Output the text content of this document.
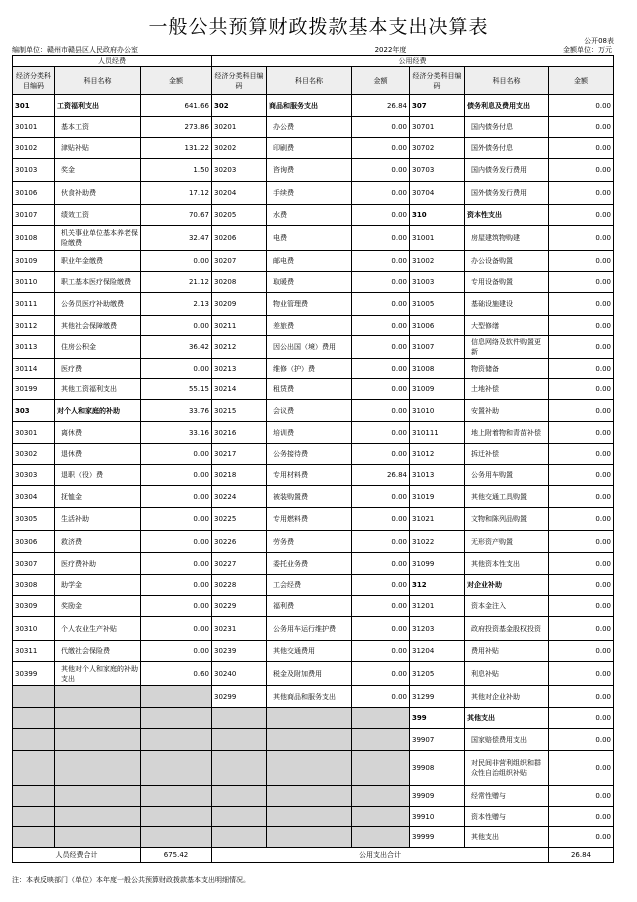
一般公共预算财政拨款基本支出决算表
公开08表
编制单位：赣州市赣县区人民政府办公室	2022年度	金额单位：万元
人员经费			公用经费					
经济分类科目编码	科目名称	金额	经济分类科目编码	科目名称	金额	经济分类科目编码	科目名称	金额
301	工资福利支出	641.66	302	商品和服务支出	26.84	307	债务利息及费用支出	0.00
30101	基本工资	273.86	30201	办公费	0.00	30701	国内债务付息	0.00
30102	津贴补贴	131.22	30202	印刷费	0.00	30702	国外债务付息	0.00
30103	奖金	1.50	30203	咨询费	0.00	30703	国内债务发行费用	0.00
30106	伙食补助费	17.12	30204	手续费	0.00	30704	国外债务发行费用	0.00
30107	绩效工资	70.67	30205	水费	0.00	310	资本性支出	0.00
30108	机关事业单位基本养老保险缴费	32.47	30206	电费	0.00	31001	房屋建筑物购建	0.00
30109	职业年金缴费	0.00	30207	邮电费	0.00	31002	办公设备购置	0.00
30110	职工基本医疗保险缴费	21.12	30208	取暖费	0.00	31003	专用设备购置	0.00
30111	公务员医疗补助缴费	2.13	30209	物业管理费	0.00	31005	基础设施建设	0.00
30112	其他社会保障缴费	0.00	30211	差旅费	0.00	31006	大型修缮	0.00
30113	住房公积金	36.42	30212	因公出国（境）费用	0.00	31007	信息网络及软件购置更新	0.00
30114	医疗费	0.00	30213	维修（护）费	0.00	31008	物资储备	0.00
30199	其他工资福利支出	55.15	30214	租赁费	0.00	31009	土地补偿	0.00
303	对个人和家庭的补助	33.76	30215	会议费	0.00	31010	安置补助	0.00
30301	离休费	33.16	30216	培训费	0.00	310111	地上附着物和青苗补偿	0.00
30302	退休费	0.00	30217	公务接待费	0.00	31012	拆迁补偿	0.00
30303	退职（役）费	0.00	30218	专用材料费	26.84	31013	公务用车购置	0.00
30304	抚恤金	0.00	30224	被装购置费	0.00	31019	其他交通工具购置	0.00
30305	生活补助	0.00	30225	专用燃料费	0.00	31021	文物和陈列品购置	0.00
30306	救济费	0.00	30226	劳务费	0.00	31022	无形资产购置	0.00
30307	医疗费补助	0.00	30227	委托业务费	0.00	31099	其他资本性支出	0.00
30308	助学金	0.00	30228	工会经费	0.00	312	对企业补助	0.00
30309	奖励金	0.00	30229	福利费	0.00	31201	资本金注入	0.00
30310	个人农业生产补贴	0.00	30231	公务用车运行维护费	0.00	31203	政府投资基金股权投资	0.00
30311	代缴社会保险费	0.00	30239	其他交通费用	0.00	31204	费用补贴	0.00
30399	其他对个人和家庭的补助支出	0.60	30240	税金及附加费用	0.00	31205	利息补贴	0.00
			30299	其他商品和服务支出	0.00	31299	其他对企业补助	0.00
						399	其他支出	0.00
						39907	国家赔偿费用支出	0.00
						39908	对民间非营利组织和群众性自治组织补贴	0.00
						39909	经常性赠与	0.00
						39910	资本性赠与	0.00
						39999	其他支出	0.00
人员经费合计		675.42	公用支出合计					26.84
注：本表反映部门（单位）本年度一般公共预算财政拨款基本支出明细情况。
